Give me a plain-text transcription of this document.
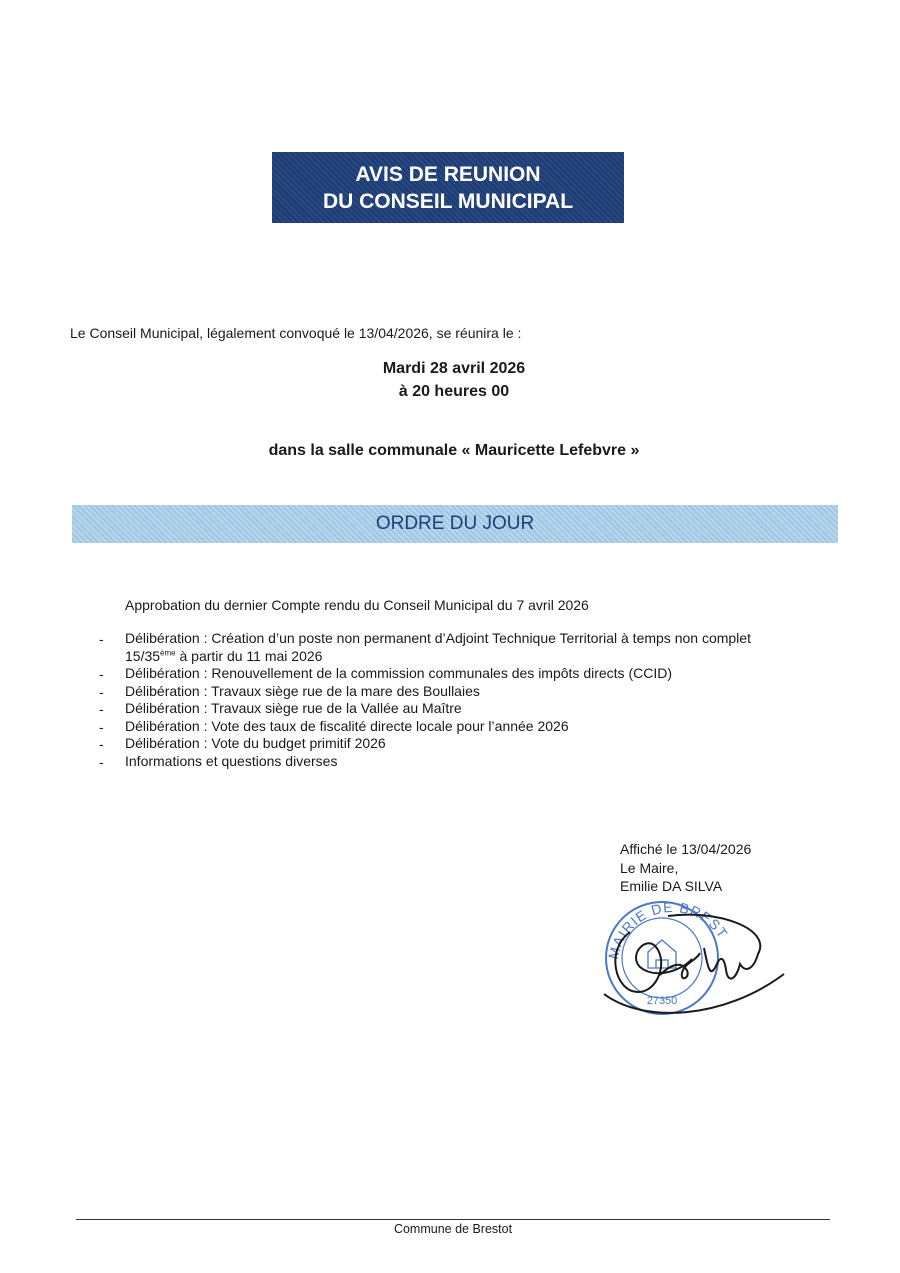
AVIS DE REUNION
DU CONSEIL MUNICIPAL
Le Conseil Municipal, légalement convoqué le 13/04/2026, se réunira le :
Mardi 28 avril 2026
à 20 heures 00
dans la salle communale « Mauricette Lefebvre »
ORDRE DU JOUR
Approbation du dernier Compte rendu du Conseil Municipal du 7 avril 2026
- Délibération : Création d’un poste non permanent d’Adjoint Technique Territorial à temps non complet
15/35ème à partir du 11 mai 2026
- Délibération : Renouvellement de la commission communales des impôts directs (CCID)
- Délibération : Travaux siège rue de la mare des Boullaies
- Délibération : Travaux siège rue de la Vallée au Maître
- Délibération : Vote des taux de fiscalité directe locale pour l’année 2026
- Délibération : Vote du budget primitif 2026
- Informations et questions diverses
Affiché le 13/04/2026
Le Maire,
Emilie DA SILVA
MAIRIE DE BREST
27350
Commune de Brestot
